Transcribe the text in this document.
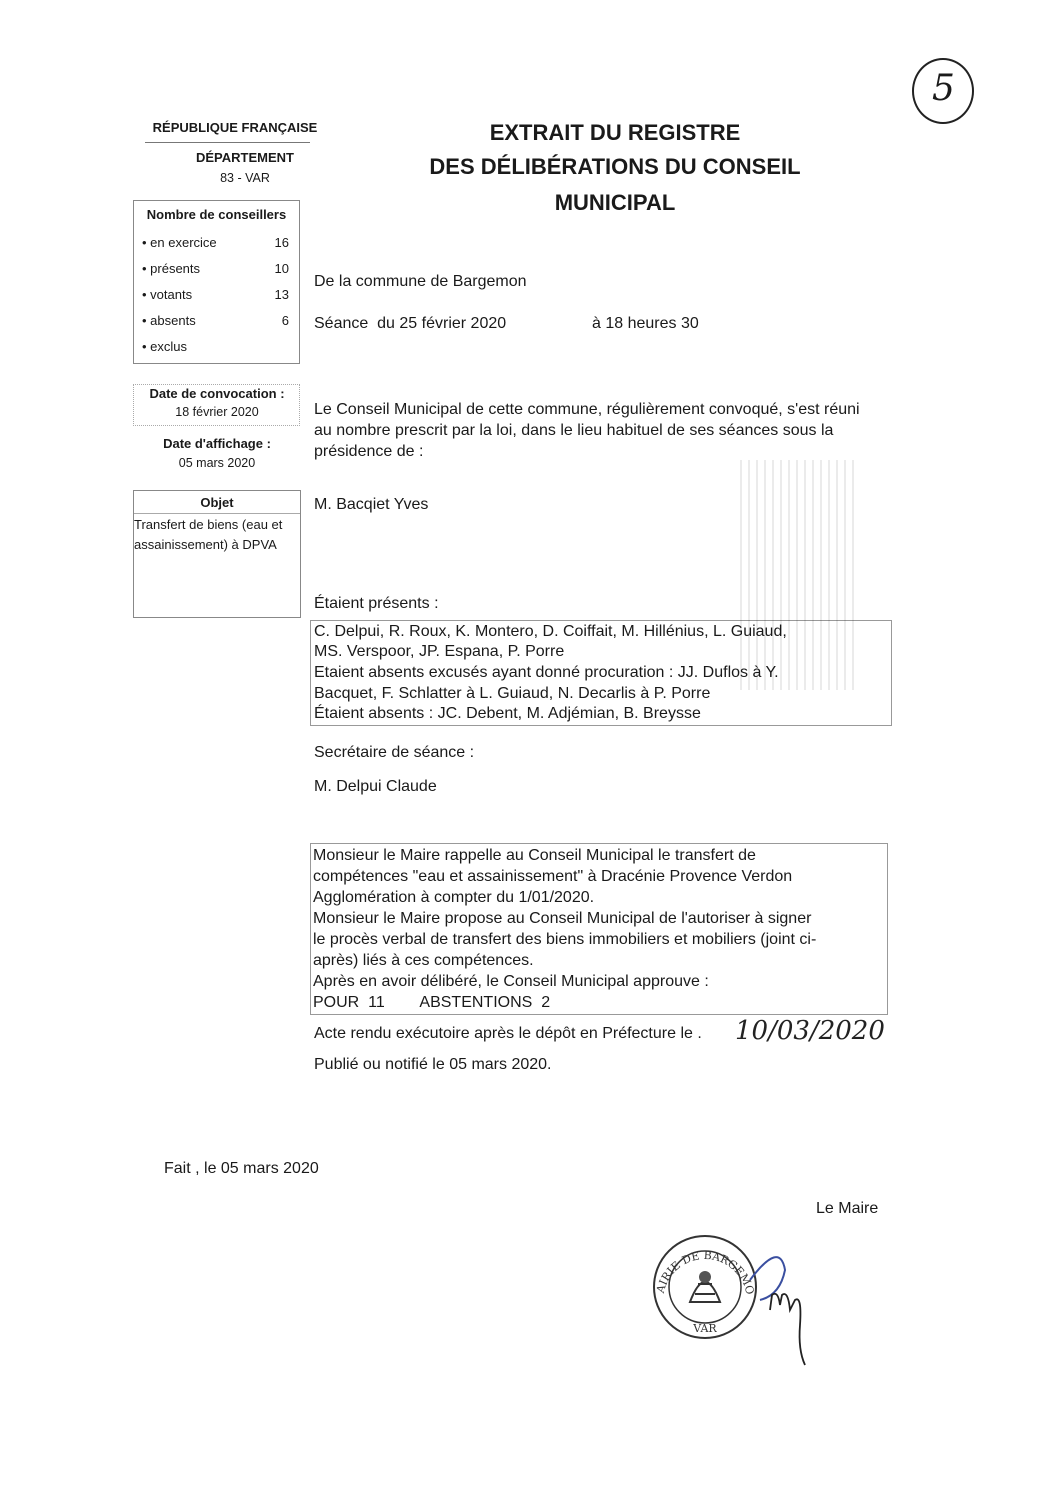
5
RÉPUBLIQUE FRANÇAISE
DÉPARTEMENT
83 - VAR
EXTRAIT DU REGISTRE
DES DÉLIBÉRATIONS DU CONSEIL
MUNICIPAL
Nombre de conseillers
• en exercice	16
• présents	10
• votants	13
• absents	6
• exclus
Date de convocation :
18 février 2020
Date d'affichage :
05 mars 2020
Objet
Transfert de biens (eau et assainissement) à DPVA
De la commune de Bargemon
Séance  du 25 février 2020	à 18 heures 30
Le Conseil Municipal de cette commune, régulièrement convoqué, s'est réuni au nombre prescrit par la loi, dans le lieu habituel de ses séances sous la présidence de :
M. Bacqiet Yves
Étaient présents :
C. Delpui, R. Roux, K. Montero, D. Coiffait, M. Hillénius, L. Guiaud,
MS. Verspoor, JP. Espana, P. Porre
Etaient absents excusés ayant donné procuration : JJ. Duflos à Y.
Bacquet, F. Schlatter à L. Guiaud, N. Decarlis à P. Porre
Étaient absents : JC. Debent, M. Adjémian, B. Breysse
Secrétaire de séance :
M. Delpui Claude
Monsieur le Maire rappelle au Conseil Municipal le transfert de
compétences "eau et assainissement" à Dracénie Provence Verdon
Agglomération à compter du 1/01/2020.
Monsieur le Maire propose au Conseil Municipal de l'autoriser à signer
le procès verbal de transfert des biens immobiliers et mobiliers (joint ci-
après) liés à ces compétences.
Après en avoir délibéré, le Conseil Municipal approuve :
POUR  11        ABSTENTIONS  2
Acte rendu exécutoire après le dépôt en Préfecture le . 10/03/2020
Publié ou notifié le 05 mars 2020.
Fait , le 05 mars 2020
Le Maire
AIRIE DE BARGEMO
VAR
